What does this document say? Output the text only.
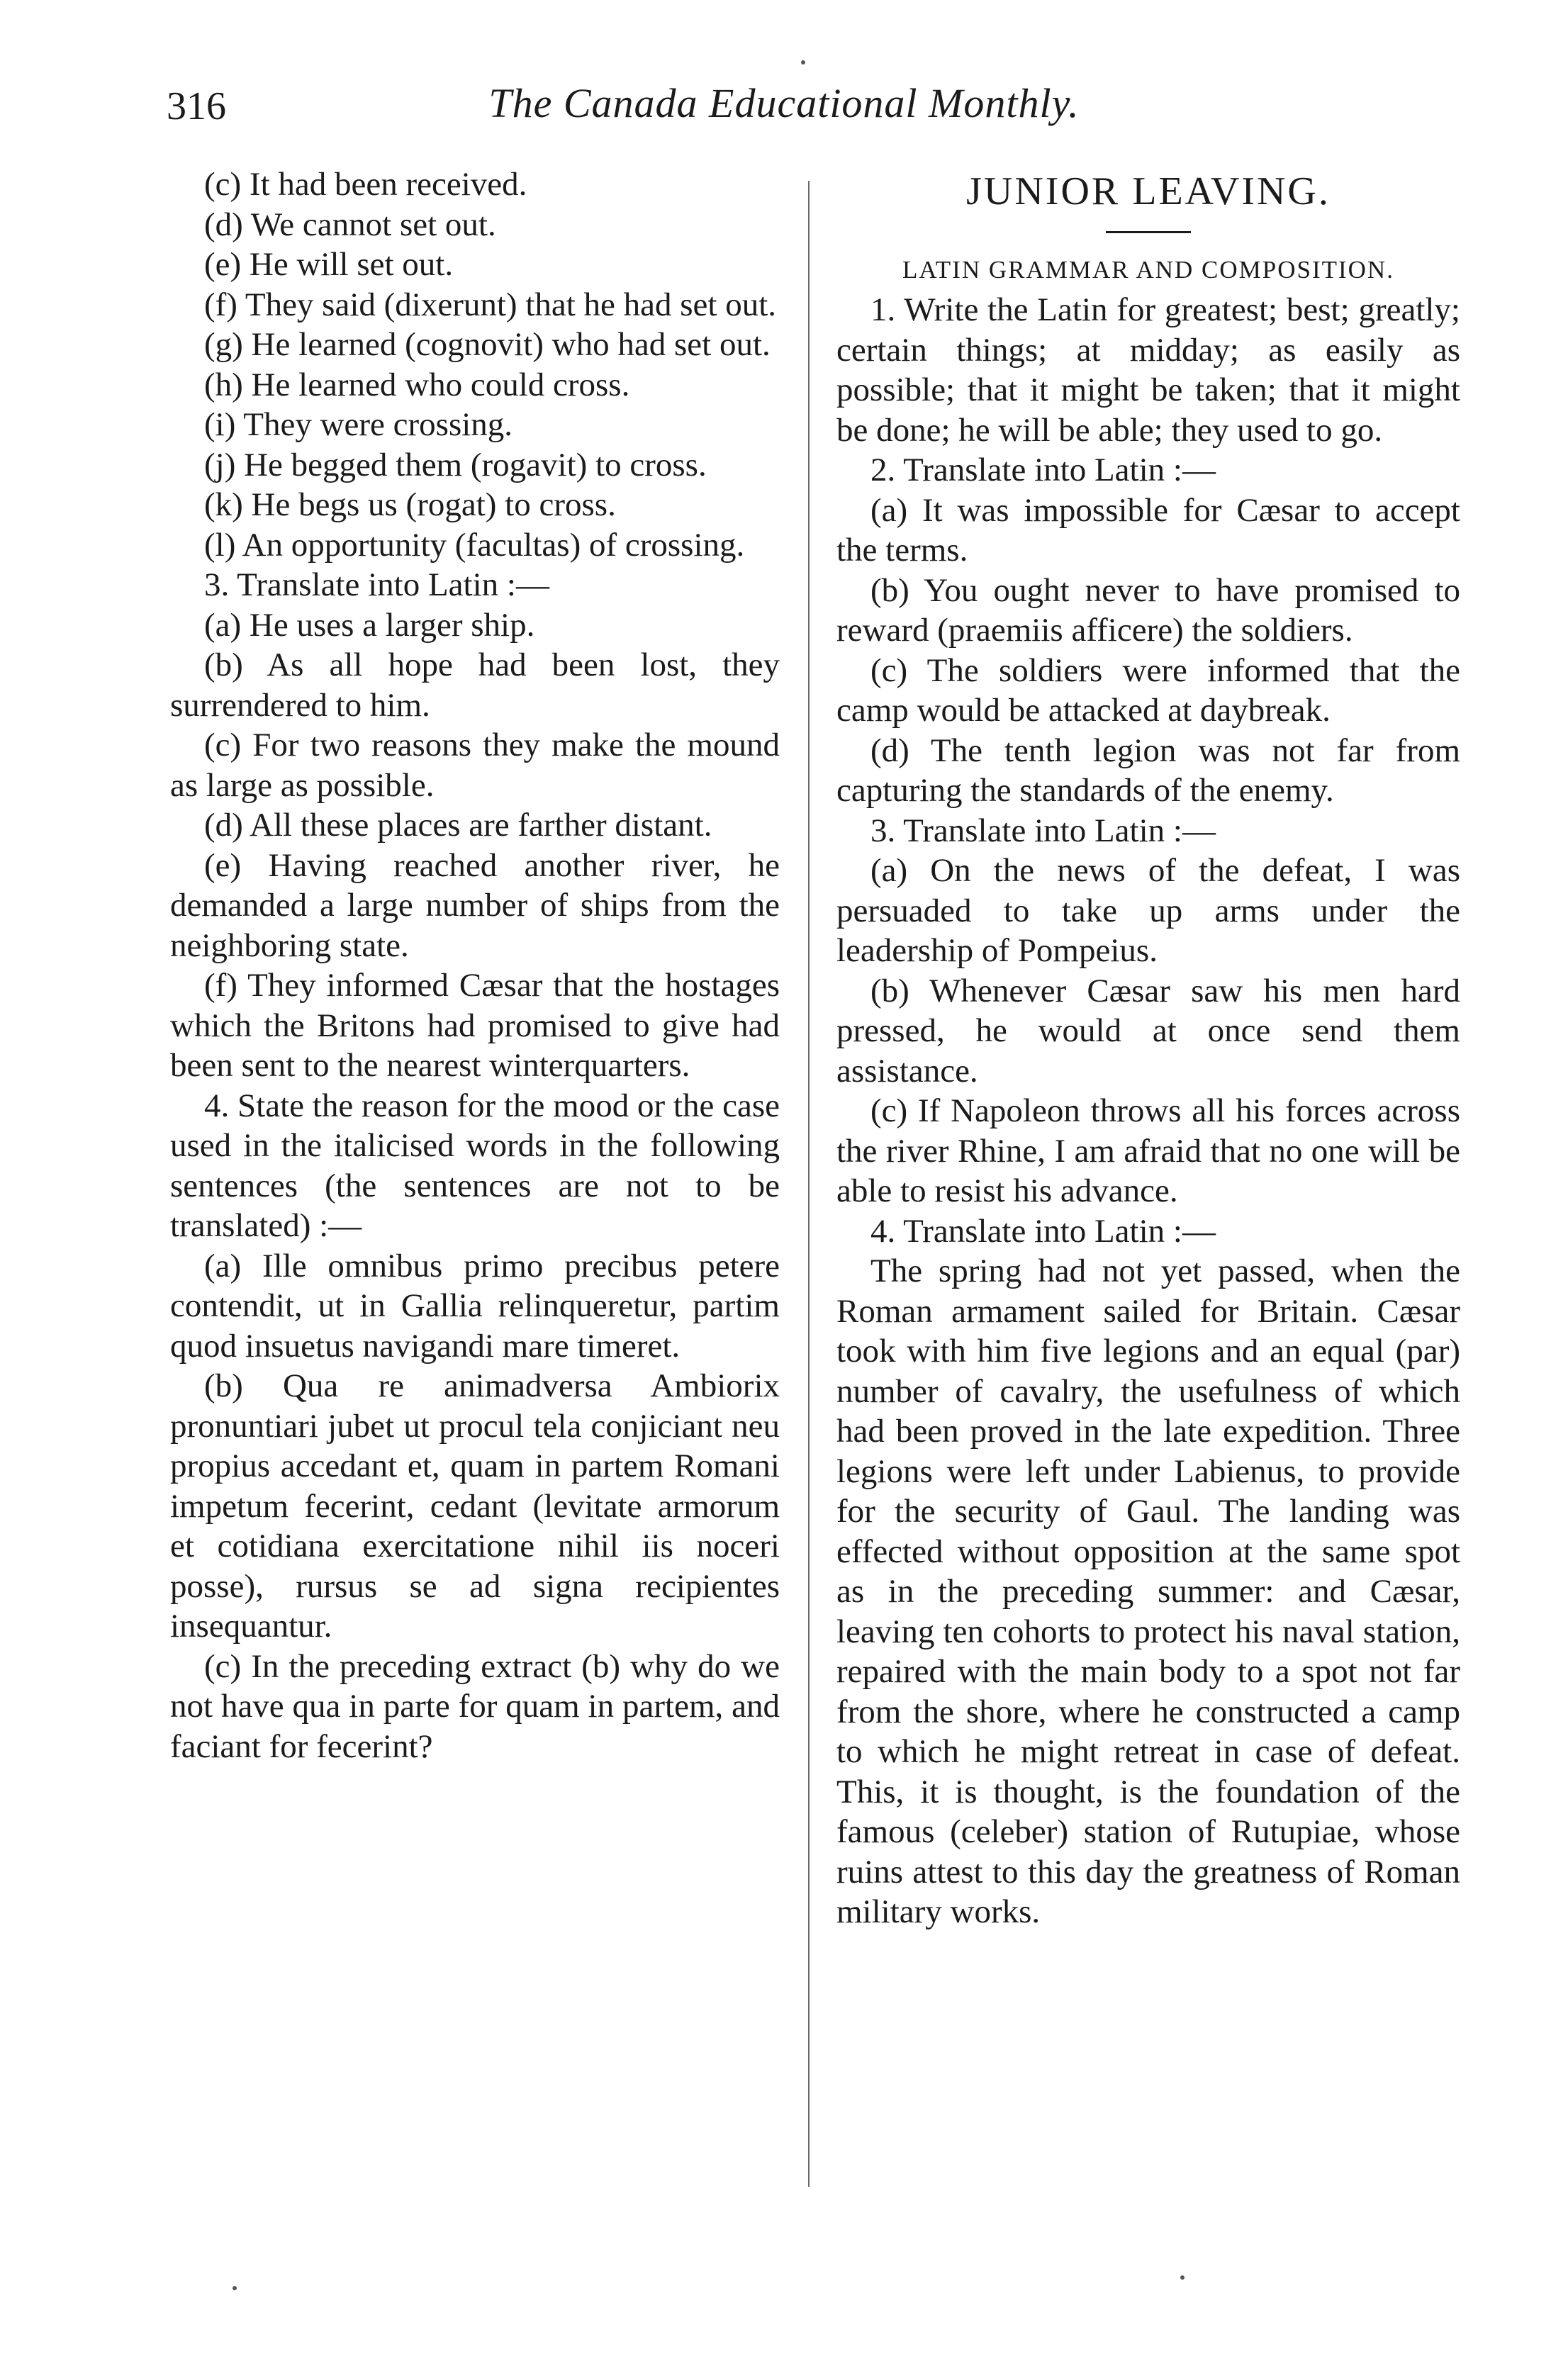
316	The Canada Educational Monthly.

(c) It had been received.

(d) We cannot set out.

(e) He will set out.

(f) They said (dixerunt) that he had set out.

(g) He learned (cognovit) who had set out.

(h) He learned who could cross.

(i) They were crossing.

(j) He begged them (rogavit) to cross.

(k) He begs us (rogat) to cross.

(l) An opportunity (facultas) of crossing.

3. Translate into Latin :—

(a) He uses a larger ship.

(b) As all hope had been lost, they surrendered to him.

(c) For two reasons they make the mound as large as possible.

(d) All these places are farther distant.

(e) Having reached another river, he demanded a large number of ships from the neighboring state.

(f) They informed Cæsar that the hostages which the Britons had promised to give had been sent to the nearest winterquarters.

4. State the reason for the mood or the case used in the italicised words in the following sentences (the sentences are not to be translated) :—

(a) Ille omnibus primo precibus petere contendit, ut in Gallia relinqueretur, partim quod insuetus navigandi mare timeret.

(b) Qua re animadversa Ambiorix pronuntiari jubet ut procul tela conjiciant neu propius accedant et, quam in partem Romani impetum fecerint, cedant (levitate armorum et cotidiana exercitatione nihil iis noceri posse), rursus se ad signa recipientes insequantur.

(c) In the preceding extract (b) why do we not have qua in parte for quam in partem, and faciant for fecerint?

JUNIOR LEAVING.

LATIN GRAMMAR AND COMPOSITION.

1. Write the Latin for greatest; best; greatly; certain things; at midday; as easily as possible; that it might be taken; that it might be done; he will be able; they used to go.

2. Translate into Latin :—

(a) It was impossible for Cæsar to accept the terms.

(b) You ought never to have promised to reward (praemiis afficere) the soldiers.

(c) The soldiers were informed that the camp would be attacked at daybreak.

(d) The tenth legion was not far from capturing the standards of the enemy.

3. Translate into Latin :—

(a) On the news of the defeat, I was persuaded to take up arms under the leadership of Pompeius.

(b) Whenever Cæsar saw his men hard pressed, he would at once send them assistance.

(c) If Napoleon throws all his forces across the river Rhine, I am afraid that no one will be able to resist his advance.

4. Translate into Latin :—

The spring had not yet passed, when the Roman armament sailed for Britain. Cæsar took with him five legions and an equal (par) number of cavalry, the usefulness of which had been proved in the late expedition. Three legions were left under Labienus, to provide for the security of Gaul. The landing was effected without opposition at the same spot as in the preceding summer: and Cæsar, leaving ten cohorts to protect his naval station, repaired with the main body to a spot not far from the shore, where he constructed a camp to which he might retreat in case of defeat. This, it is thought, is the foundation of the famous (celeber) station of Rutupiae, whose ruins attest to this day the greatness of Roman military works.
